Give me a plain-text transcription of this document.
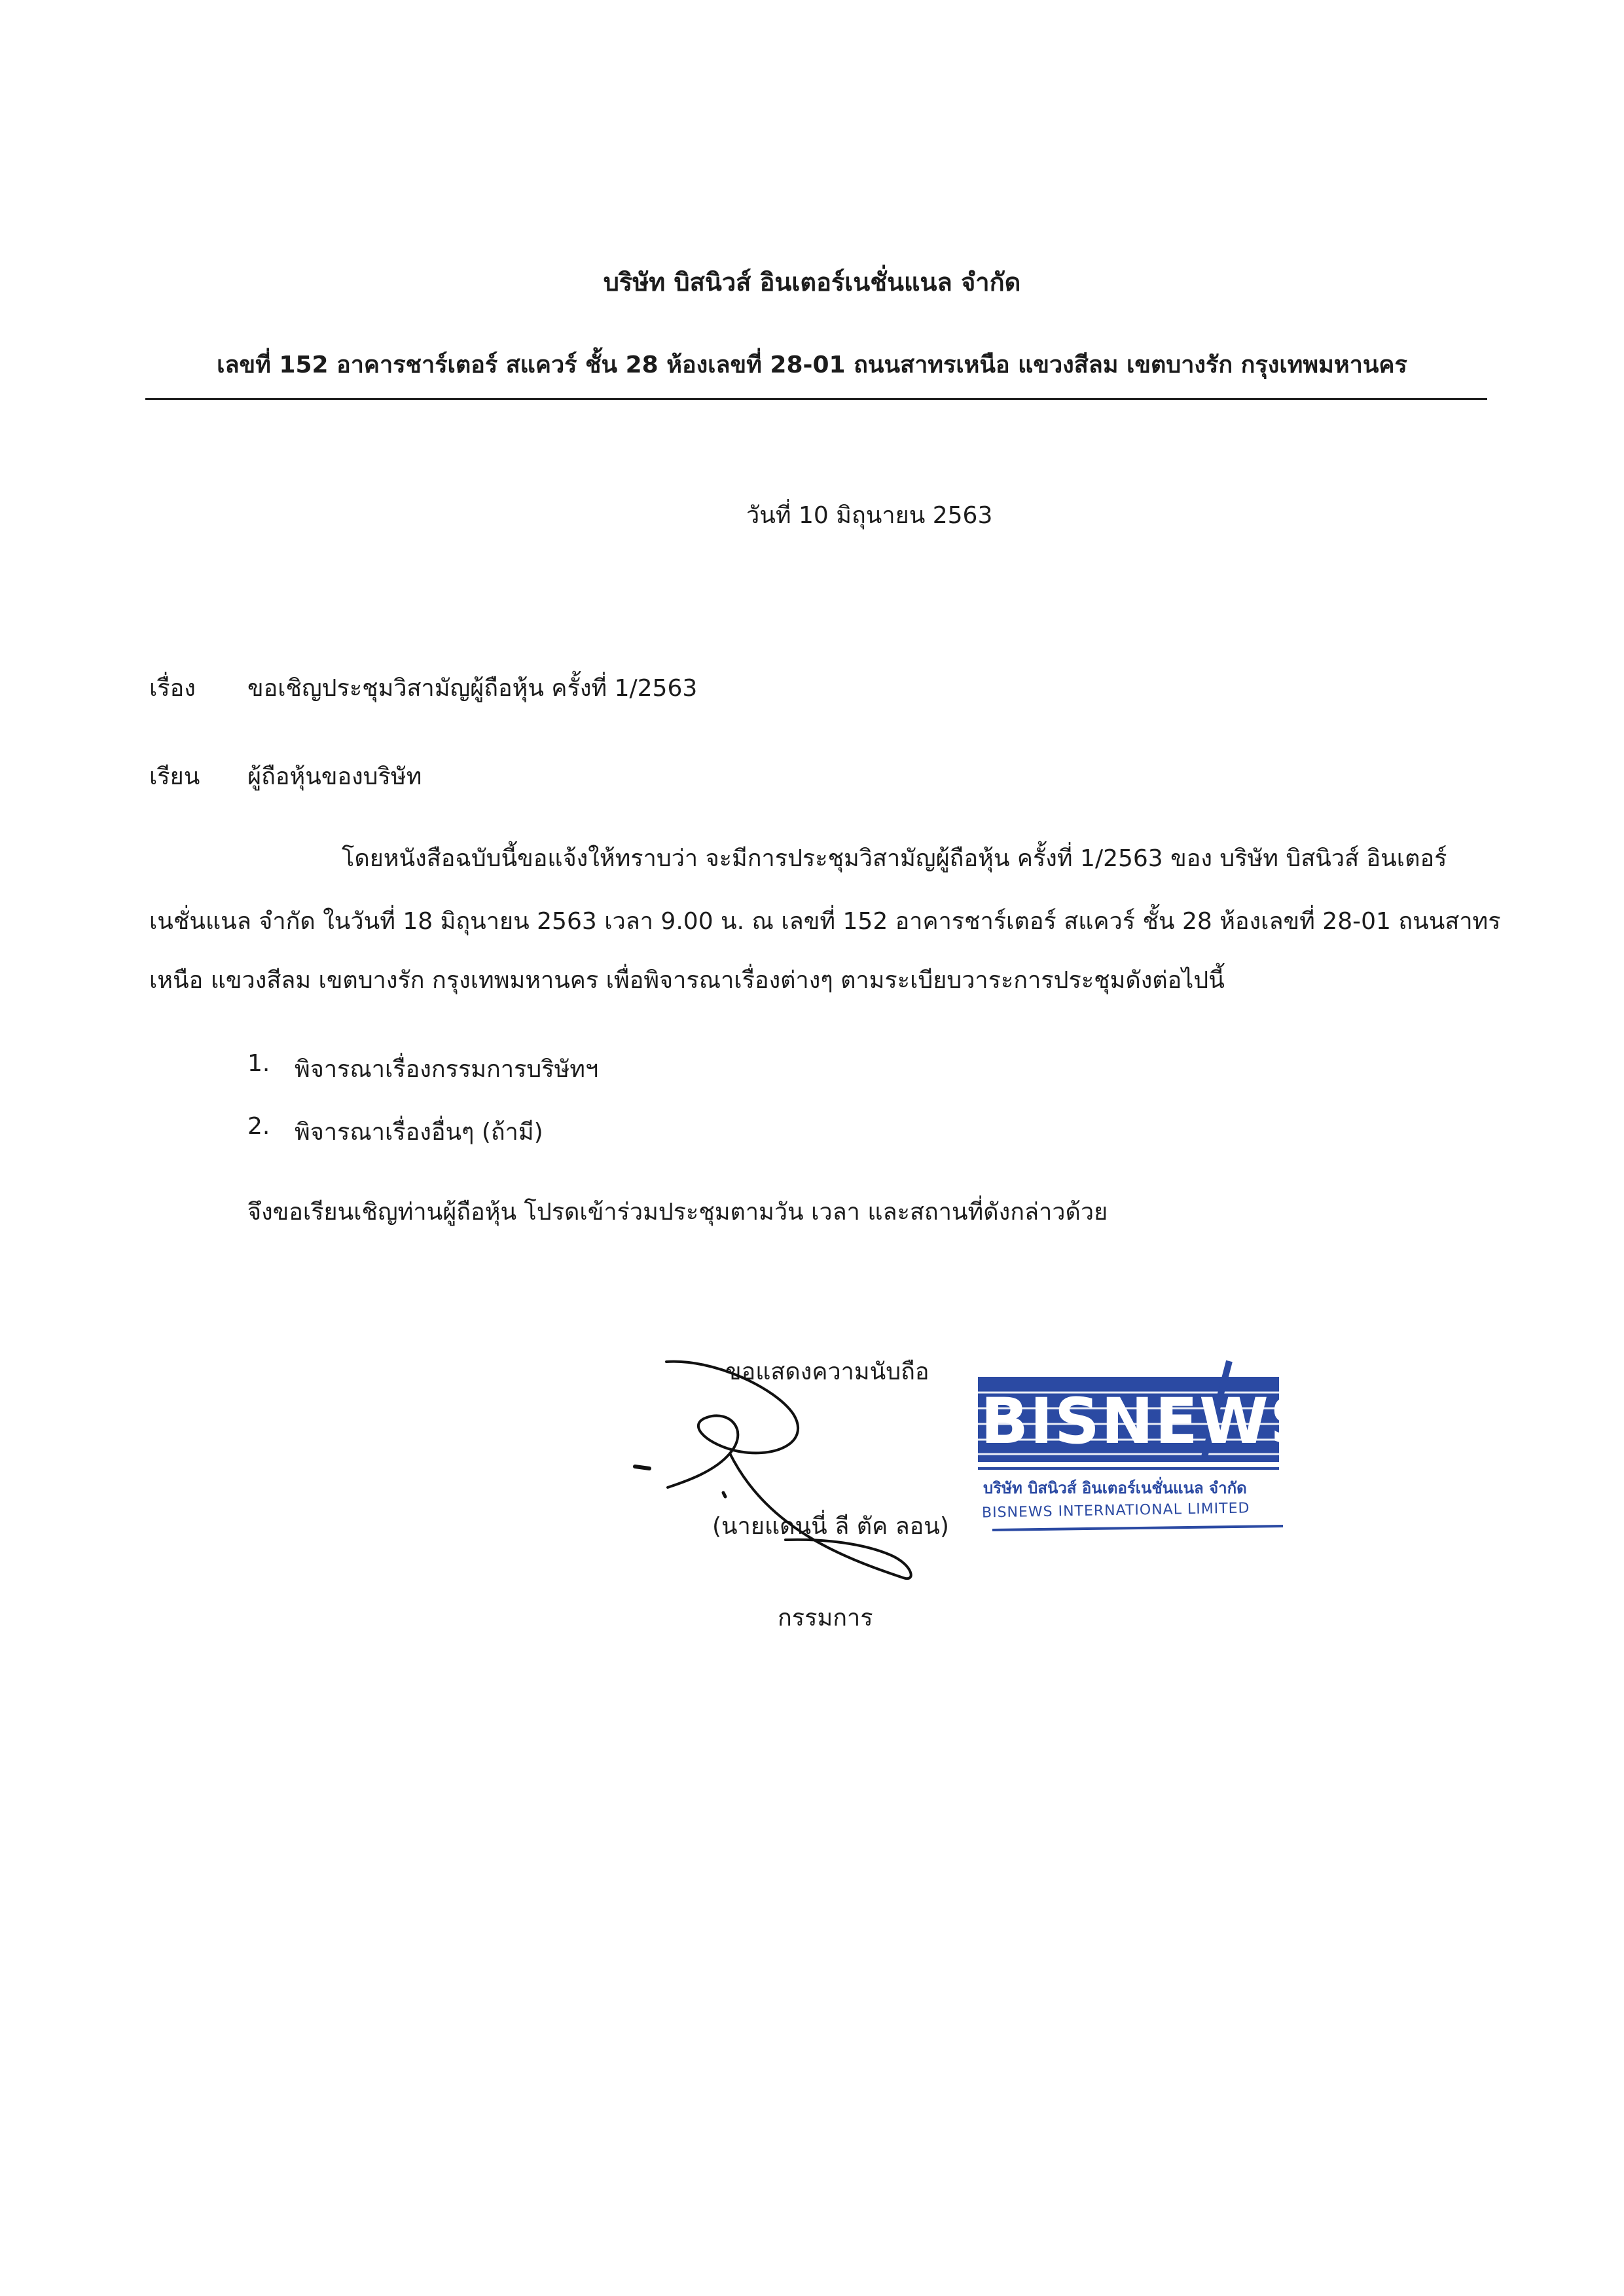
บริษัท บิสนิวส์ อินเตอร์เนชั่นแนล จำกัด
เลขที่ 152 อาคารชาร์เตอร์ สแควร์ ชั้น 28 ห้องเลขที่ 28-01 ถนนสาทรเหนือ แขวงสีลม เขตบางรัก กรุงเทพมหานคร
วันที่ 10 มิถุนายน 2563
เรื่อง ขอเชิญประชุมวิสามัญผู้ถือหุ้น ครั้งที่ 1/2563
เรียน ผู้ถือหุ้นของบริษัท
โดยหนังสือฉบับนี้ขอแจ้งให้ทราบว่า จะมีการประชุมวิสามัญผู้ถือหุ้น ครั้งที่ 1/2563 ของ บริษัท บิสนิวส์ อินเตอร์
เนชั่นแนล จำกัด ในวันที่ 18 มิถุนายน 2563 เวลา 9.00 น. ณ เลขที่ 152 อาคารชาร์เตอร์ สแควร์ ชั้น 28 ห้องเลขที่ 28-01 ถนนสาทร
เหนือ แขวงสีลม เขตบางรัก กรุงเทพมหานคร เพื่อพิจารณาเรื่องต่างๆ ตามระเบียบวาระการประชุมดังต่อไปนี้
1. พิจารณาเรื่องกรรมการบริษัทฯ
2. พิจารณาเรื่องอื่นๆ (ถ้ามี)
จึงขอเรียนเชิญท่านผู้ถือหุ้น โปรดเข้าร่วมประชุมตามวัน เวลา และสถานที่ดังกล่าวด้วย
ขอแสดงความนับถือ
(นายแดนนี่ ลี ตัค ลอน)
กรรมการ
BISNEWS
บริษัท บิสนิวส์ อินเตอร์เนชั่นแนล จำกัด
BISNEWS INTERNATIONAL LIMITED
